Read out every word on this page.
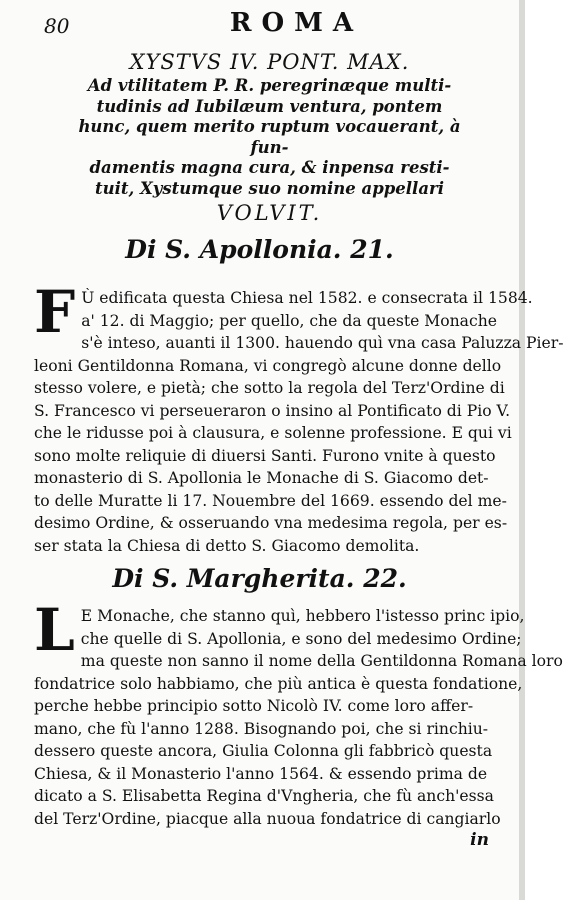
80	ROMA
XYSTVS IV. PONT. MAX.
Ad vtilitatem P. R. peregrinæque multi-
tudinis ad Iubilæum ventura, pontem
hunc, quem merito ruptum vocauerant, à fun-
damentis magna cura, & inpensa resti-
tuit, Xystumque suo nomine appellari
VOLVIT.
Di S. Apollonia. 21.
F Ù edificata questa Chiesa nel 1582. e consecrata il 1584.
a' 12. di Maggio; per quello, che da queste Monache
s'è inteso, auanti il 1300. hauendo quì vna casa Paluzza Pier-
leoni Gentildonna Romana, vi congregò alcune donne dello
stesso volere, e pietà; che sotto la regola del Terz'Ordine di
S. Francesco vi perseueraron o insino al Pontificato di Pio V.
che le ridusse poi à clausura, e solenne professione. E qui vi
sono molte reliquie di diuersi Santi. Furono vnite à questo
monasterio di S. Apollonia le Monache di S. Giacomo det-
to delle Muratte li 17. Nouembre del 1669. essendo del me-
desimo Ordine, & osseruando vna medesima regola, per es-
ser stata la Chiesa di detto S. Giacomo demolita.
Di S. Margherita. 22.
L E Monache, che stanno quì, hebbero l'istesso princ ipio,
che quelle di S. Apollonia, e sono del medesimo Ordine;
ma queste non sanno il nome della Gentildonna Romana loro
fondatrice solo habbiamo, che più antica è questa fondatione,
perche hebbe principio sotto Nicolò IV. come loro affer-
mano, che fù l'anno 1288. Bisognando poi, che si rinchiu-
dessero queste ancora, Giulia Colonna gli fabbricò questa
Chiesa, & il Monasterio l'anno 1564. & essendo prima de
dicato a S. Elisabetta Regina d'Vngheria, che fù anch'essa
del Terz'Ordine, piacque alla nuoua fondatrice di cangiarlo
in
